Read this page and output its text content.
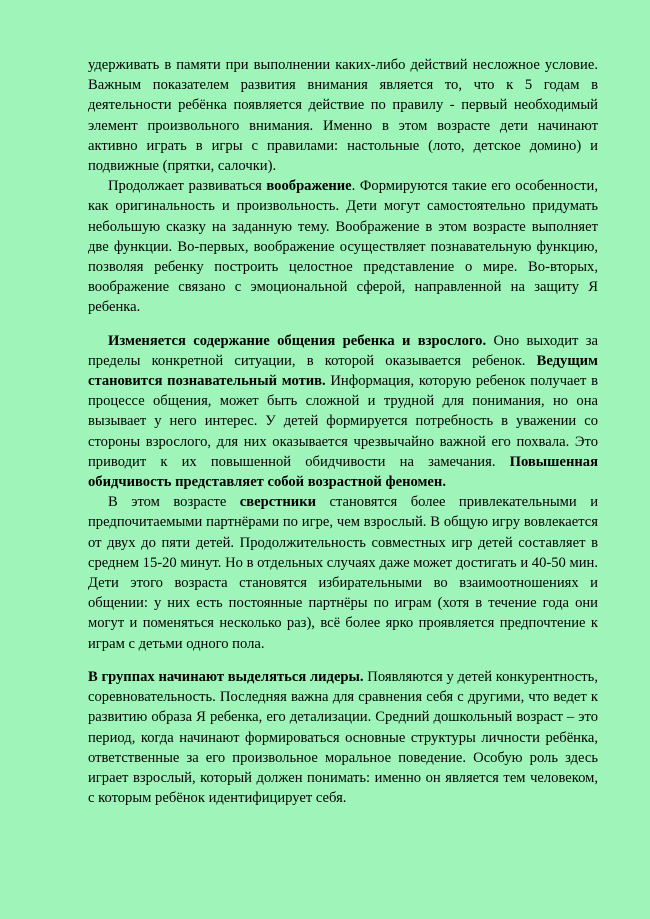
удерживать в памяти при выполнении каких-либо действий несложное условие. Важным показателем развития внимания является то, что к 5 годам в деятельности ребёнка появляется действие по правилу - первый необходимый элемент произвольного внимания. Именно в этом возрасте дети начинают активно играть в игры с правилами: настольные (лото, детское домино) и подвижные (прятки, салочки).

Продолжает развиваться воображение. Формируются такие его особенности, как оригинальность и произвольность. Дети могут самостоятельно придумать небольшую сказку на заданную тему. Воображение в этом возрасте выполняет две функции. Во-первых, воображение осуществляет познавательную функцию, позволяя ребенку построить целостное представление о мире. Во-вторых, воображение связано с эмоциональной сферой, направленной на защиту Я ребенка.

Изменяется содержание общения ребенка и взрослого. Оно выходит за пределы конкретной ситуации, в которой оказывается ребенок. Ведущим становится познавательный мотив. Информация, которую ребенок получает в процессе общения, может быть сложной и трудной для понимания, но она вызывает у него интерес. У детей формируется потребность в уважении со стороны взрослого, для них оказывается чрезвычайно важной его похвала. Это приводит к их повышенной обидчивости на замечания. Повышенная обидчивость представляет собой возрастной феномен.

В этом возрасте сверстники становятся более привлекательными и предпочитаемыми партнёрами по игре, чем взрослый. В общую игру вовлекается от двух до пяти детей. Продолжительность совместных игр детей составляет в среднем 15-20 минут. Но в отдельных случаях даже может достигать и 40-50 мин. Дети этого возраста становятся избирательными во взаимоотношениях и общении: у них есть постоянные партнёры по играм (хотя в течение года они могут и поменяться несколько раз), всё более ярко проявляется предпочтение к играм с детьми одного пола.

В группах начинают выделяться лидеры. Появляются у детей конкурентность, соревновательность. Последняя важна для сравнения себя с другими, что ведет к развитию образа Я ребенка, его детализации. Средний дошкольный возраст – это период, когда начинают формироваться основные структуры личности ребёнка, ответственные за его произвольное моральное поведение. Особую роль здесь играет взрослый, который должен понимать: именно он является тем человеком, с которым ребёнок идентифицирует себя.
